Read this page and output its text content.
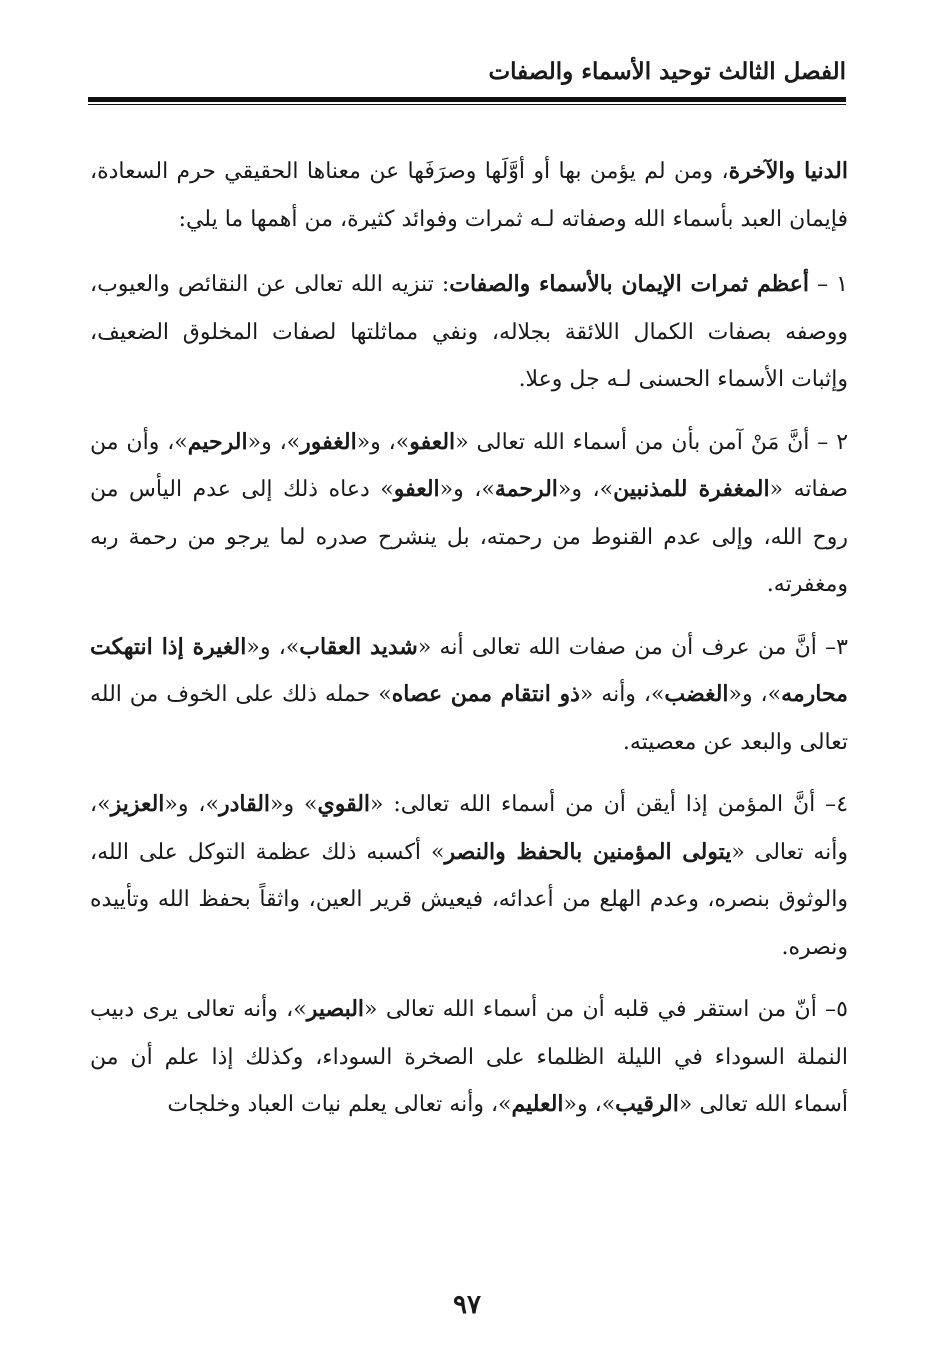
الفصل الثالث توحيد الأسماء والصفات

الدنيا والآخرة، ومن لم يؤمن بها أو أوَّلَها وصرَفَها عن معناها الحقيقي حرم السعادة، فإيمان العبد بأسماء الله وصفاته لـه ثمرات وفوائد كثيرة، من أهمها ما يلي:

١ – أعظم ثمرات الإيمان بالأسماء والصفات: تنزيه الله تعالى عن النقائص والعيوب، ووصفه بصفات الكمال اللائقة بجلاله، ونفي مماثلتها لصفات المخلوق الضعيف، وإثبات الأسماء الحسنى لـه جل وعلا.

٢ – أنَّ مَنْ آمن بأن من أسماء الله تعالى «العفو»، و«الغفور»، و«الرحيم»، وأن من صفاته «المغفرة للمذنبين»، و«الرحمة»، و«العفو» دعاه ذلك إلى عدم اليأس من روح الله، وإلى عدم القنوط من رحمته، بل ينشرح صدره لما يرجو من رحمة ربه ومغفرته.

٣– أنَّ من عرف أن من صفات الله تعالى أنه «شديد العقاب»، و«الغيرة إذا انتهكت محارمه»، و«الغضب»، وأنه «ذو انتقام ممن عصاه» حمله ذلك على الخوف من الله تعالى والبعد عن معصيته.

٤– أنَّ المؤمن إذا أيقن أن من أسماء الله تعالى: «القوي» و«القادر»، و«العزيز»، وأنه تعالى «يتولى المؤمنين بالحفظ والنصر» أكسبه ذلك عظمة التوكل على الله، والوثوق بنصره، وعدم الهلع من أعدائه، فيعيش قرير العين، واثقاً بحفظ الله وتأييده ونصره.

٥– أنّ من استقر في قلبه أن من أسماء الله تعالى «البصير»، وأنه تعالى يرى دبيب النملة السوداء في الليلة الظلماء على الصخرة السوداء، وكذلك إذا علم أن من أسماء الله تعالى «الرقيب»، و«العليم»، وأنه تعالى يعلم نيات العباد وخلجات

٩٧
